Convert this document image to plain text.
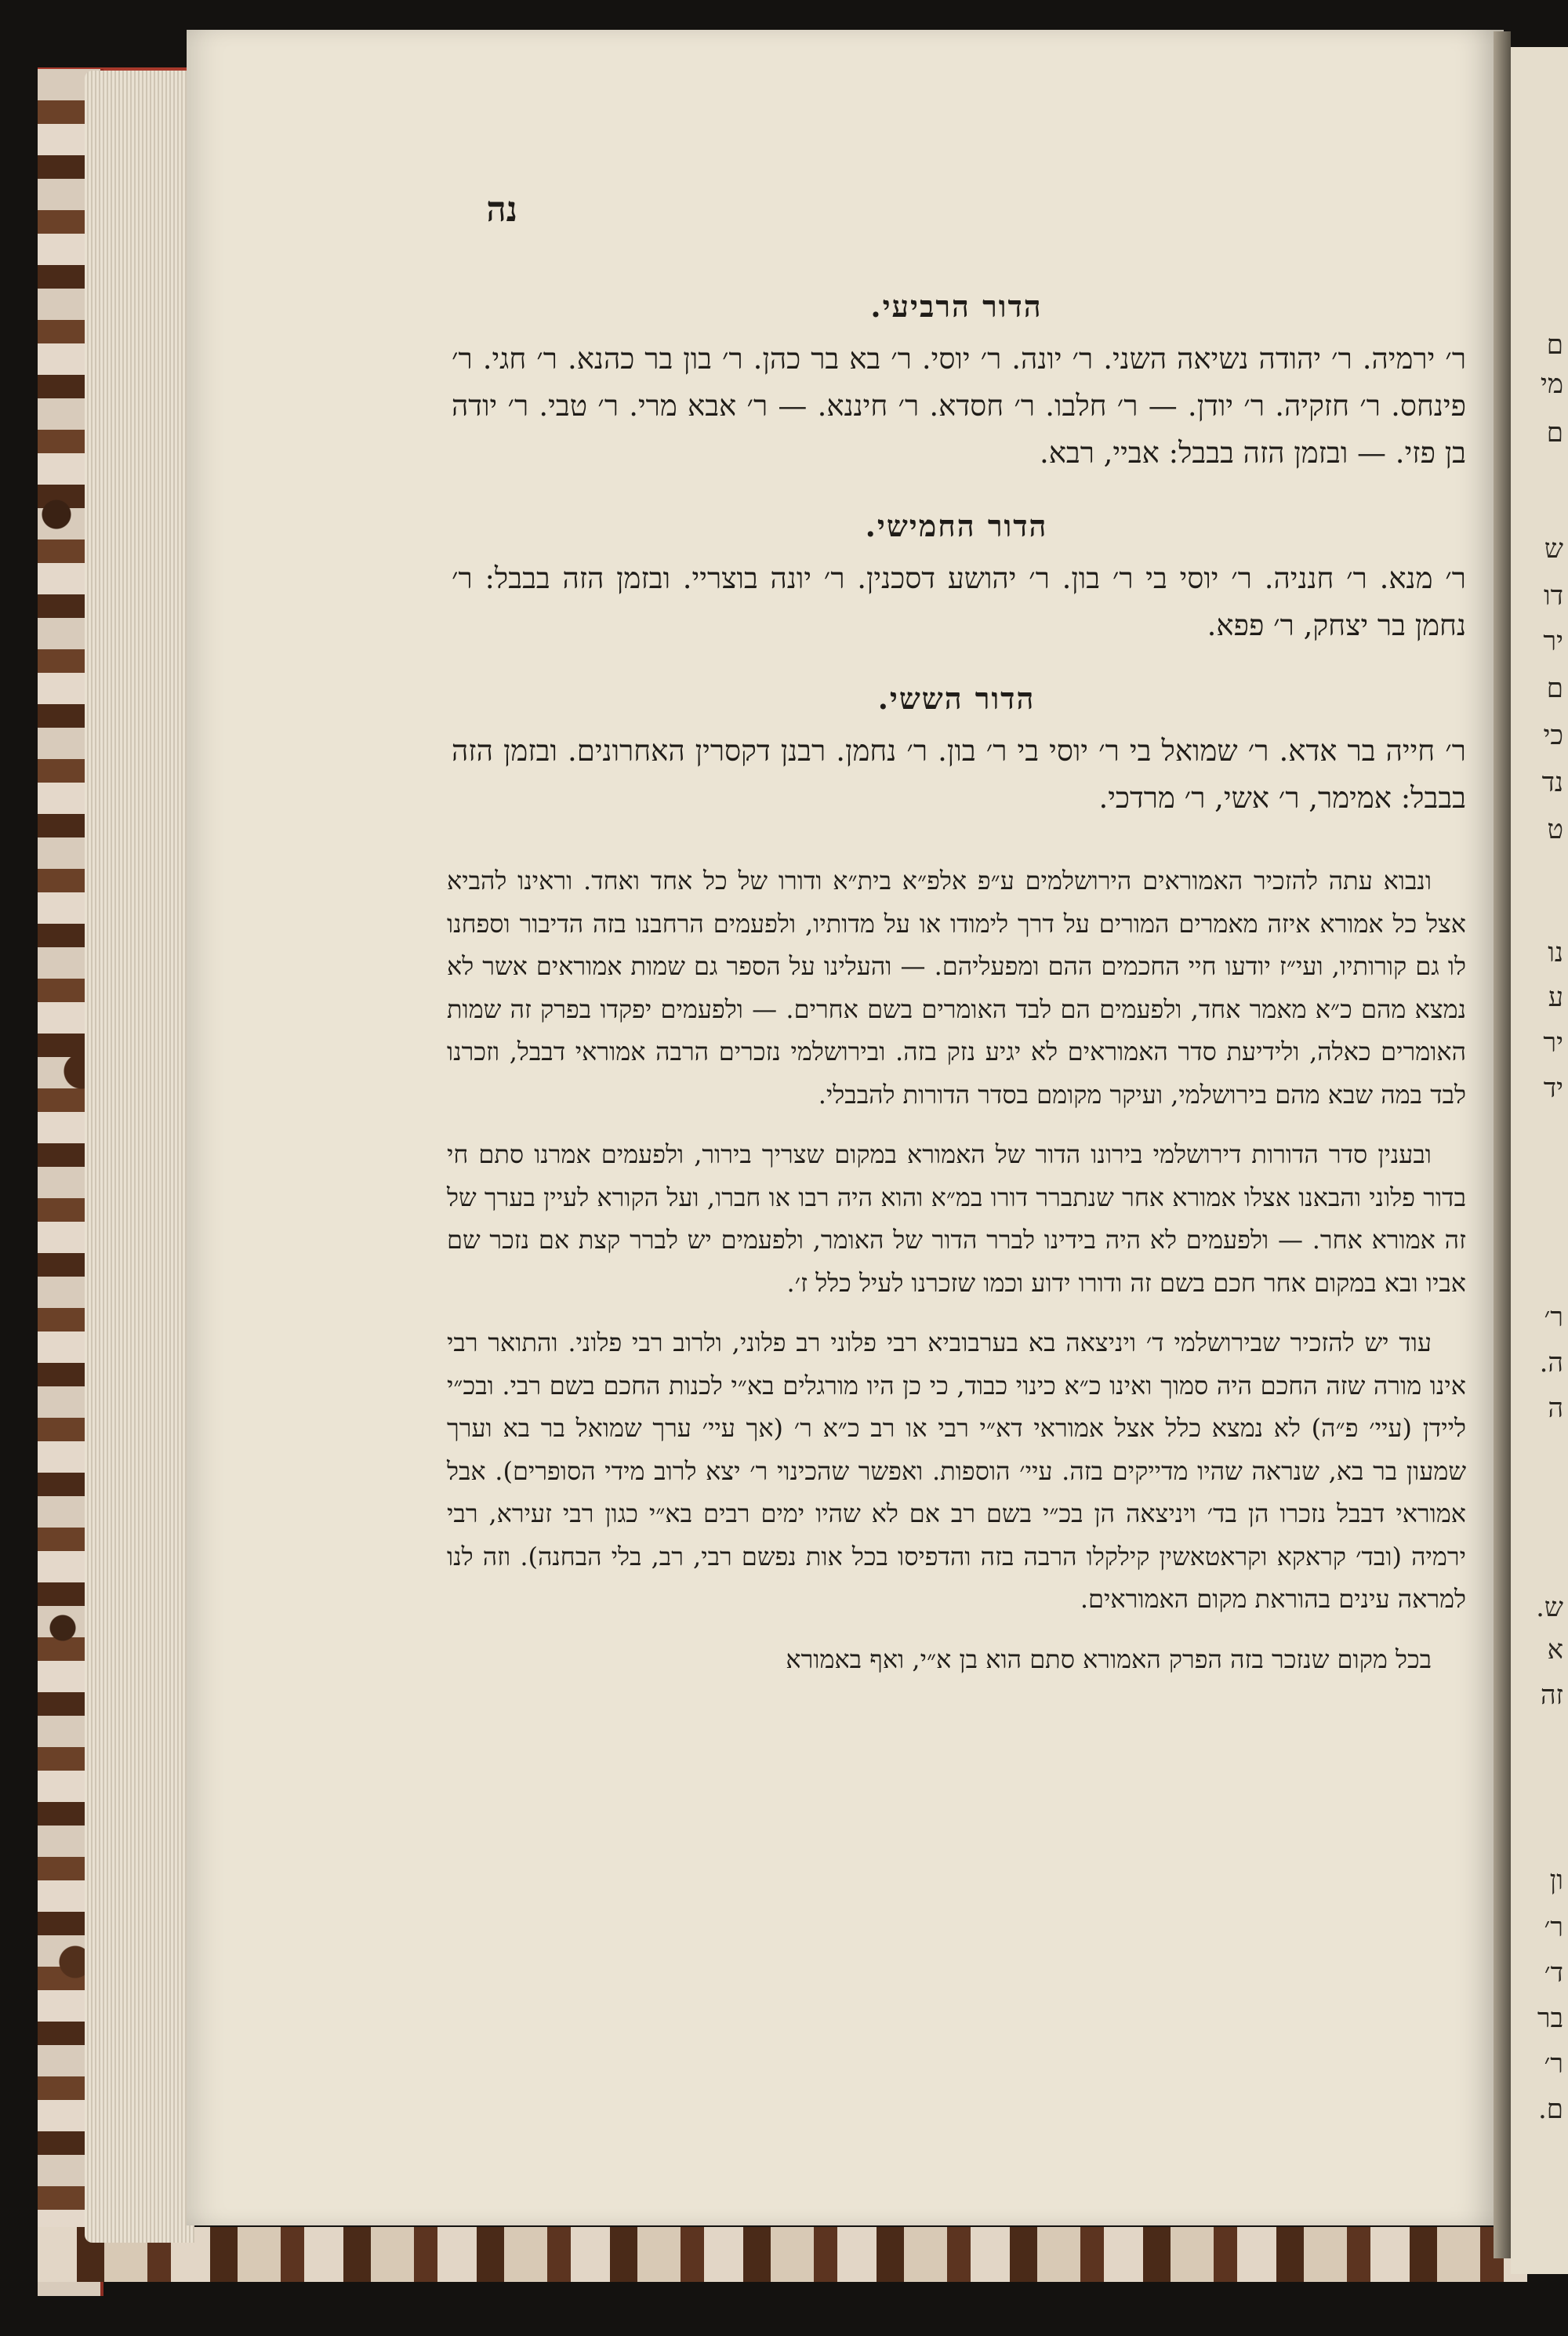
ם
מי
ם
ש
דו
יר
ם
כי
נד
ט
נו
ע
יר
יד
ר׳
ה.
ה
ש.
א
זה
ון
ר׳
ד׳
בר
ר׳
ם.
נה
הדור הרביעי.
ר׳ ירמיה. ר׳ יהודה נשיאה השני. ר׳ יונה. ר׳ יוסי. ר׳ בא בר כהן. ר׳ בון בר כהנא. ר׳ חגי. ר׳ פינחס. ר׳ חזקיה. ר׳ יודן. — ר׳ חלבו. ר׳ חסדא. ר׳ חיננא. — ר׳ אבא מרי. ר׳ טבי. ר׳ יודה בן פזי. — ובזמן הזה בבבל: אביי, רבא.
הדור החמישי.
ר׳ מנא. ר׳ חנניה. ר׳ יוסי בי ר׳ בון. ר׳ יהושע דסכנין. ר׳ יונה בוצריי. ובזמן הזה בבבל: ר׳ נחמן בר יצחק, ר׳ פפא.
הדור הששי.
ר׳ חייה בר אדא. ר׳ שמואל בי ר׳ יוסי בי ר׳ בון. ר׳ נחמן. רבנן דקסרין האחרונים. ובזמן הזה בבבל: אמימר, ר׳ אשי, ר׳ מרדכי.
ונבוא עתה להזכיר האמוראים הירושלמים ע״פ אלפ״א בית״א ודורו של כל אחד ואחד. וראינו להביא אצל כל אמורא איזה מאמרים המורים על דרך לימודו או על מדותיו, ולפעמים הרחבנו בזה הדיבור וספחנו לו גם קורותיו, ועי״ז יודעו חיי החכמים ההם ומפעליהם. — והעלינו על הספר גם שמות אמוראים אשר לא נמצא מהם כ״א מאמר אחד, ולפעמים הם לבד האומרים בשם אחרים. — ולפעמים יפקדו בפרק זה שמות האומרים כאלה, ולידיעת סדר האמוראים לא יגיע נזק בזה. ובירושלמי נזכרים הרבה אמוראי דבבל, וזכרנו לבד במה שבא מהם בירושלמי, ועיקר מקומם בסדר הדורות להבבלי.
ובענין סדר הדורות דירושלמי בירונו הדור של האמורא במקום שצריך בירור, ולפעמים אמרנו סתם חי בדור פלוני והבאנו אצלו אמורא אחר שנתברר דורו במ״א והוא היה רבו או חברו, ועל הקורא לעיין בערך של זה אמורא אחר. — ולפעמים לא היה בידינו לברר הדור של האומר, ולפעמים יש לברר קצת אם נזכר שם אביו ובא במקום אחר חכם בשם זה ודורו ידוע וכמו שזכרנו לעיל כלל ז׳.
עוד יש להזכיר שבירושלמי ד׳ ויניצאה בא בערבוביא רבי פלוני רב פלוני, ולרוב רבי פלוני. והתואר רבי אינו מורה שזה החכם היה סמוך ואינו כ״א כינוי כבוד, כי כן היו מורגלים בא״י לכנות החכם בשם רבי. ובכ״י ליידן (עיי׳ פ״ה) לא נמצא כלל אצל אמוראי דא״י רבי או רב כ״א ר׳ (אך עיי׳ ערך שמואל בר בא וערך שמעון בר בא, שנראה שהיו מדייקים בזה. עיי׳ הוספות. ואפשר שהכינוי ר׳ יצא לרוב מידי הסופרים). אבל אמוראי דבבל נזכרו הן בד׳ ויניצאה הן בכ״י בשם רב אם לא שהיו ימים רבים בא״י כגון רבי זעירא, רבי ירמיה (ובד׳ קראקא וקראטאשין קילקלו הרבה בזה והדפיסו בכל אות נפשם רבי, רב, בלי הבחנה). וזה לנו למראה עינים בהוראת מקום האמוראים.
בכל מקום שנזכר בזה הפרק האמורא סתם הוא בן א״י, ואף באמורא
